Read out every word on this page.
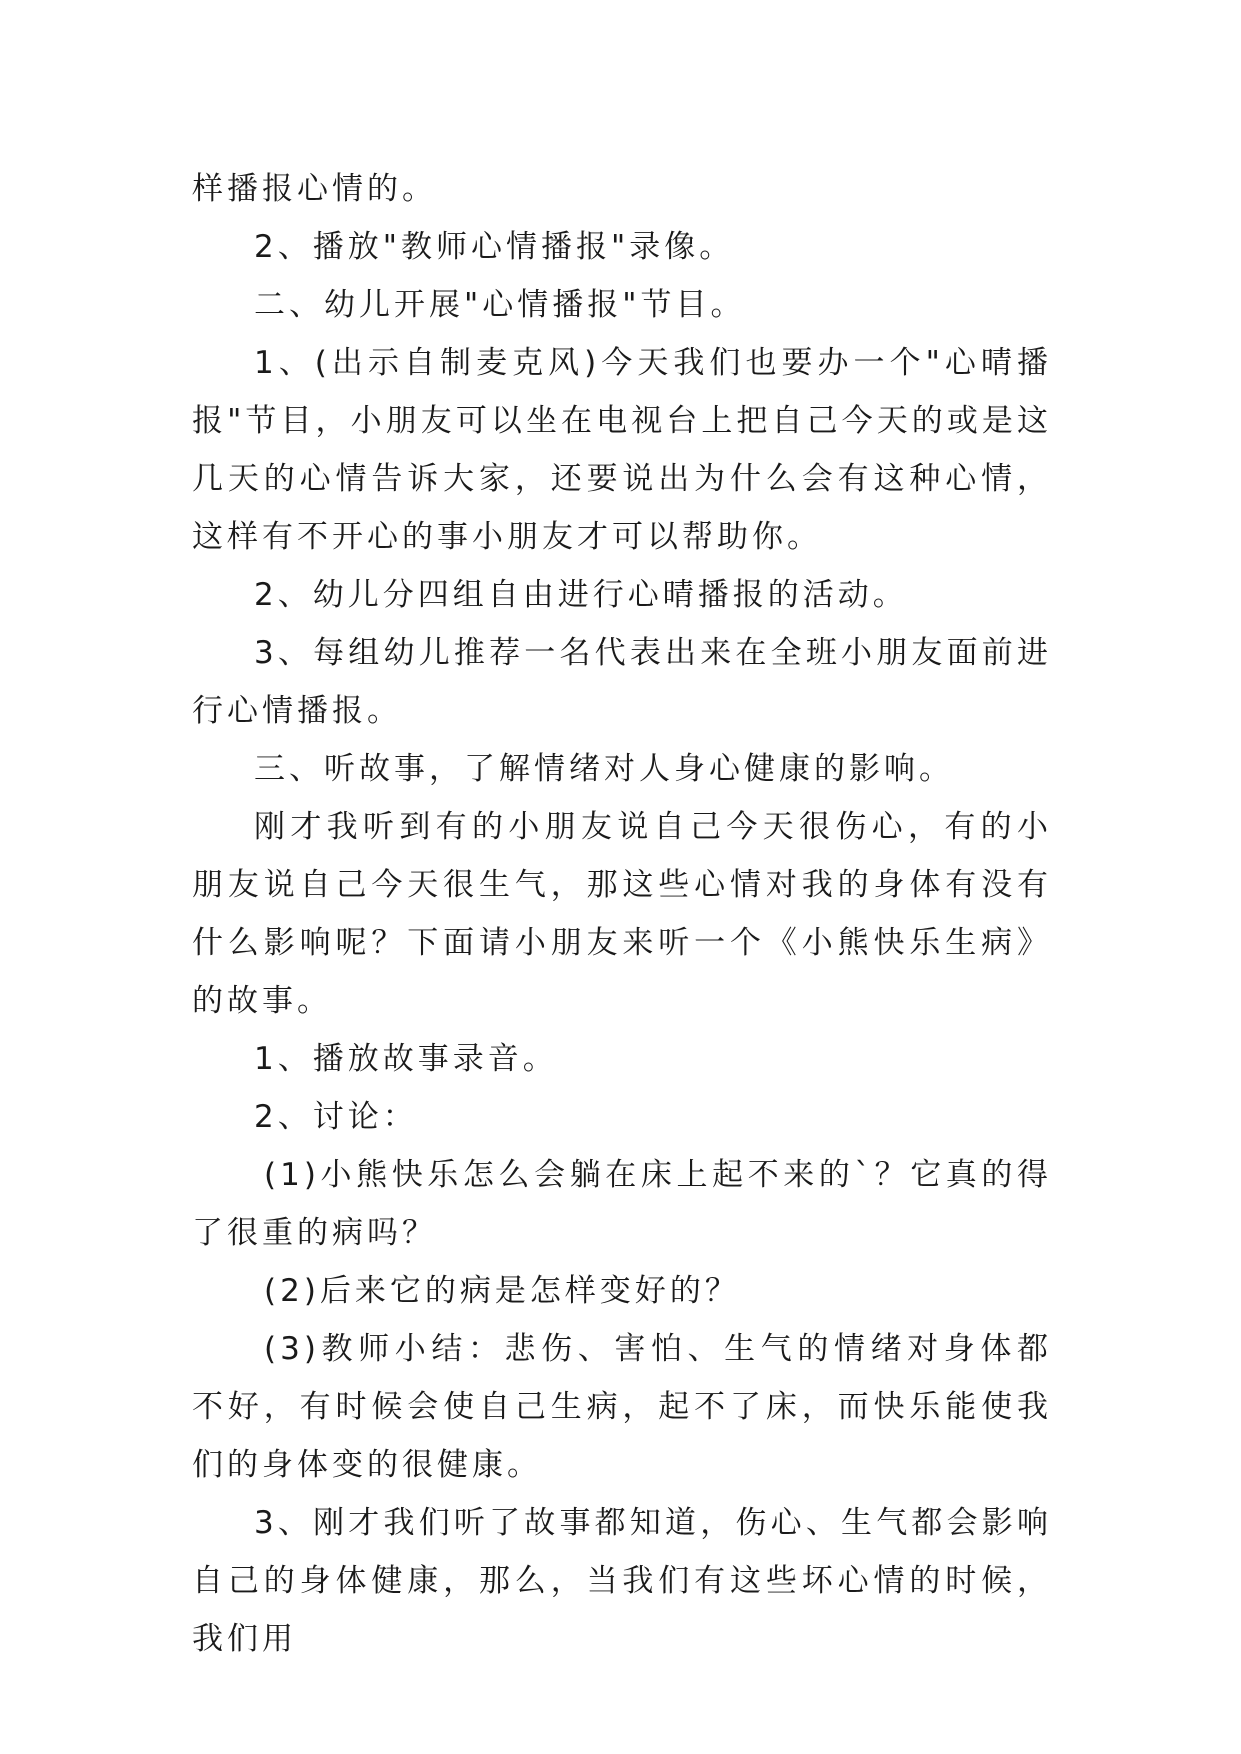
样播报心情的。

2、播放"教师心情播报"录像。

二、幼儿开展"心情播报"节目。

1、(出示自制麦克风)今天我们也要办一个"心晴播报"节目，小朋友可以坐在电视台上把自己今天的或是这几天的心情告诉大家，还要说出为什么会有这种心情，这样有不开心的事小朋友才可以帮助你。

2、幼儿分四组自由进行心晴播报的活动。

3、每组幼儿推荐一名代表出来在全班小朋友面前进行心情播报。

三、听故事，了解情绪对人身心健康的影响。

刚才我听到有的小朋友说自己今天很伤心，有的小朋友说自己今天很生气，那这些心情对我的身体有没有什么影响呢？下面请小朋友来听一个《小熊快乐生病》的故事。

1、播放故事录音。

2、讨论：

(1)小熊快乐怎么会躺在床上起不来的`？它真的得了很重的病吗？

(2)后来它的病是怎样变好的？

(3)教师小结：悲伤、害怕、生气的情绪对身体都不好，有时候会使自己生病，起不了床，而快乐能使我们的身体变的很健康。

3、刚才我们听了故事都知道，伤心、生气都会影响自己的身体健康，那么，当我们有这些坏心情的时候，我们用
